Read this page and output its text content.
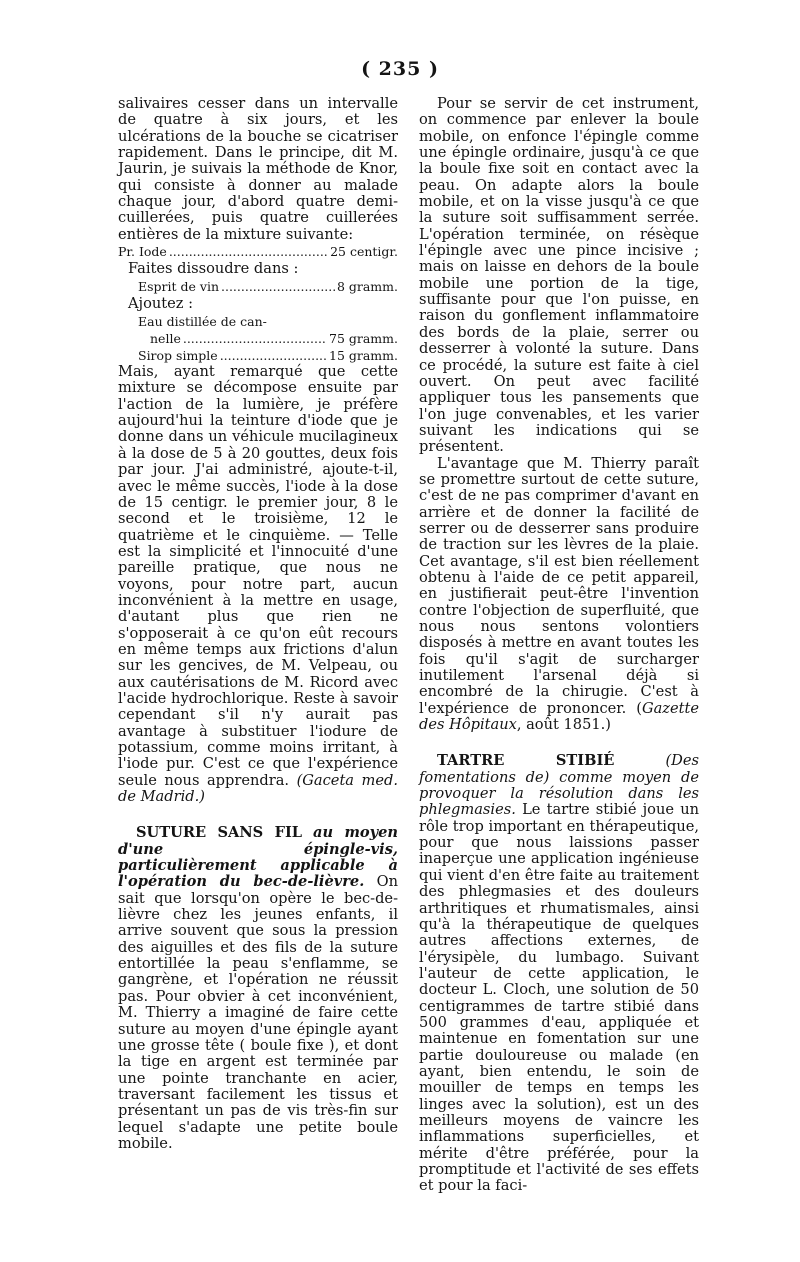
( 235 )

salivaires cesser dans un intervalle de quatre à six jours, et les ulcérations de la bouche se cicatriser rapidement. Dans le principe, dit M. Jaurin, je suivais la méthode de Knor, qui consiste à donner au malade chaque jour, d'abord quatre demi-cuillerées, puis quatre cuillerées entières de la mixture suivante:

Pr. Iode .....	25 centigr.
Faites dissoudre dans :
Esprit de vin .....	8 gramm.
Ajoutez :
Eau distillée de can-
nelle .....	75 gramm.
Sirop simple .....	15 gramm.

Mais, ayant remarqué que cette mixture se décompose ensuite par l'action de la lumière, je préfère aujourd'hui la teinture d'iode que je donne dans un véhicule mucilagineux à la dose de 5 à 20 gouttes, deux fois par jour. J'ai administré, ajoute-t-il, avec le même succès, l'iode à la dose de 15 centigr. le premier jour, 8 le second et le troisième, 12 le quatrième et le cinquième. — Telle est la simplicité et l'innocuité d'une pareille pratique, que nous ne voyons, pour notre part, aucun inconvénient à la mettre en usage, d'autant plus que rien ne s'opposerait à ce qu'on eût recours en même temps aux frictions d'alun sur les gencives, de M. Velpeau, ou aux cautérisations de M. Ricord avec l'acide hydrochlorique. Reste à savoir cependant s'il n'y aurait pas avantage à substituer l'iodure de potassium, comme moins irritant, à l'iode pur. C'est ce que l'expérience seule nous apprendra. (Gaceta med. de Madrid.)

SUTURE SANS FIL au moyen d'une épingle-vis, particulièrement applicable à l'opération du bec-de-lièvre. On sait que lorsqu'on opère le bec-de-lièvre chez les jeunes enfants, il arrive souvent que sous la pression des aiguilles et des fils de la suture entortillée la peau s'enflamme, se gangrène, et l'opération ne réussit pas. Pour obvier à cet inconvénient, M. Thierry a imaginé de faire cette suture au moyen d'une épingle ayant une grosse tête ( boule fixe ), et dont la tige en argent est terminée par une pointe tranchante en acier, traversant facilement les tissus et présentant un pas de vis très-fin sur lequel s'adapte une petite boule mobile.

Pour se servir de cet instrument, on commence par enlever la boule mobile, on enfonce l'épingle comme une épingle ordinaire, jusqu'à ce que la boule fixe soit en contact avec la peau. On adapte alors la boule mobile, et on la visse jusqu'à ce que la suture soit suffisamment serrée. L'opération terminée, on résèque l'épingle avec une pince incisive ; mais on laisse en dehors de la boule mobile une portion de la tige, suffisante pour que l'on puisse, en raison du gonflement inflammatoire des bords de la plaie, serrer ou desserrer à volonté la suture. Dans ce procédé, la suture est faite à ciel ouvert. On peut avec facilité appliquer tous les pansements que l'on juge convenables, et les varier suivant les indications qui se présentent.

L'avantage que M. Thierry paraît se promettre surtout de cette suture, c'est de ne pas comprimer d'avant en arrière et de donner la facilité de serrer ou de desserrer sans produire de traction sur les lèvres de la plaie. Cet avantage, s'il est bien réellement obtenu à l'aide de ce petit appareil, en justifierait peut-être l'invention contre l'objection de superfluité, que nous nous sentons volontiers disposés à mettre en avant toutes les fois qu'il s'agit de surcharger inutilement l'arsenal déjà si encombré de la chirugie. C'est à l'expérience de prononcer. (Gazette des Hôpitaux, août 1851.)

TARTRE STIBIÉ	(Des fomentations de) comme moyen de provoquer la résolution dans les phlegmasies. Le tartre stibié joue un rôle trop important en thérapeutique, pour que nous laissions passer inaperçue une application ingénieuse qui vient d'en être faite au traitement des phlegmasies et des douleurs arthritiques et rhumatismales, ainsi qu'à la thérapeutique de quelques autres affections externes, de l'érysipèle, du lumbago. Suivant l'auteur de cette application, le docteur L. Cloch, une solution de 50 centigrammes de tartre stibié dans 500 grammes d'eau, appliquée et maintenue en fomentation sur une partie douloureuse ou malade (en ayant, bien entendu, le soin de mouiller de temps en temps les linges avec la solution), est un des meilleurs moyens de vaincre les inflammations superficielles, et mérite d'être préférée, pour la promptitude et l'activité de ses effets et pour la faci-
